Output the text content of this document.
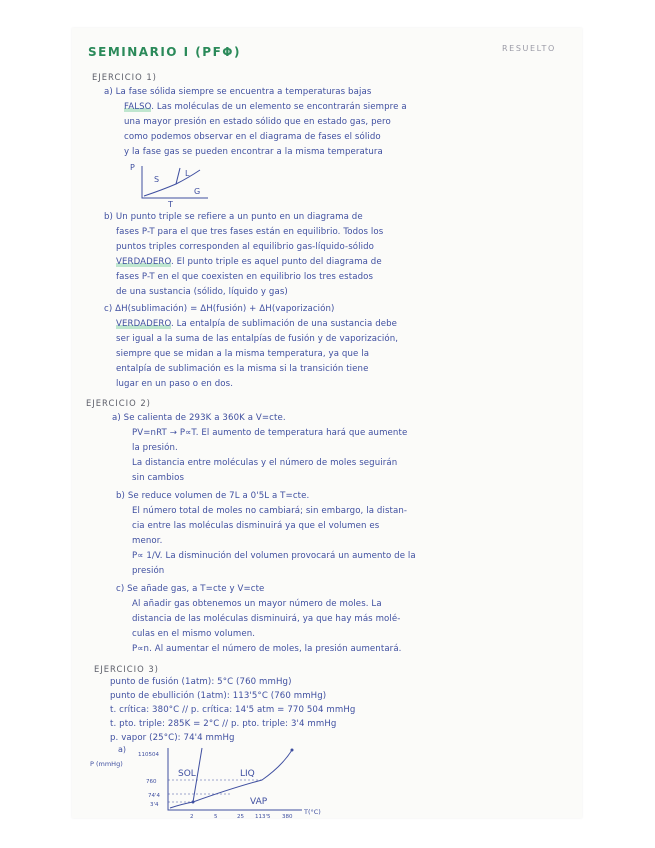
SEMINARIO I (PFΦ)	RESUELTO
EJERCICIO 1)
a) La fase sólida siempre se encuentra a temperaturas bajas
FALSO. Las moléculas de un elemento se encontrarán siempre a
una mayor presión en estado sólido que en estado gas, pero
como podemos observar en el diagrama de fases el sólido
y la fase gas se pueden encontrar a la misma temperatura
P
T
S
L
G
b) Un punto triple se refiere a un punto en un diagrama de
fases P-T para el que tres fases están en equilibrio. Todos los
puntos triples corresponden al equilibrio gas-líquido-sólido
VERDADERO. El punto triple es aquel punto del diagrama de
fases P-T en el que coexisten en equilibrio los tres estados
de una sustancia (sólido, líquido y gas)
c) ΔH(sublimación) = ΔH(fusión) + ΔH(vaporización)
VERDADERO. La entalpía de sublimación de una sustancia debe
ser igual a la suma de las entalpías de fusión y de vaporización,
siempre que se midan a la misma temperatura, ya que la
entalpía de sublimación es la misma si la transición tiene
lugar en un paso o en dos.
EJERCICIO 2)
a) Se calienta de 293K a 360K a V=cte.
PV=nRT → P∝T. El aumento de temperatura hará que aumente
la presión.
La distancia entre moléculas y el número de moles seguirán
sin cambios
b) Se reduce volumen de 7L a 0'5L a T=cte.
El número total de moles no cambiará; sin embargo, la distan-
cia entre las moléculas disminuirá ya que el volumen es
menor.
P∝ 1/V. La disminución del volumen provocará un aumento de la
presión
c) Se añade gas, a T=cte y V=cte
Al añadir gas obtenemos un mayor número de moles. La
distancia de las moléculas disminuirá, ya que hay más molé-
culas en el mismo volumen.
P∝n. Al aumentar el número de moles, la presión aumentará.
EJERCICIO 3)
punto de fusión (1atm): 5°C (760 mmHg)
punto de ebullición (1atm): 113'5°C (760 mmHg)
t. crítica: 380°C // p. crítica: 14'5 atm = 770 504 mmHg
t. pto. triple: 285K = 2°C // p. pto. triple: 3'4 mmHg
p. vapor (25°C): 74'4 mmHg
a)
P (mmHg)
110504
760
74'4
3'4
2	5	25 113'5 380
T(°C)
SOL	LIQ
VAP
